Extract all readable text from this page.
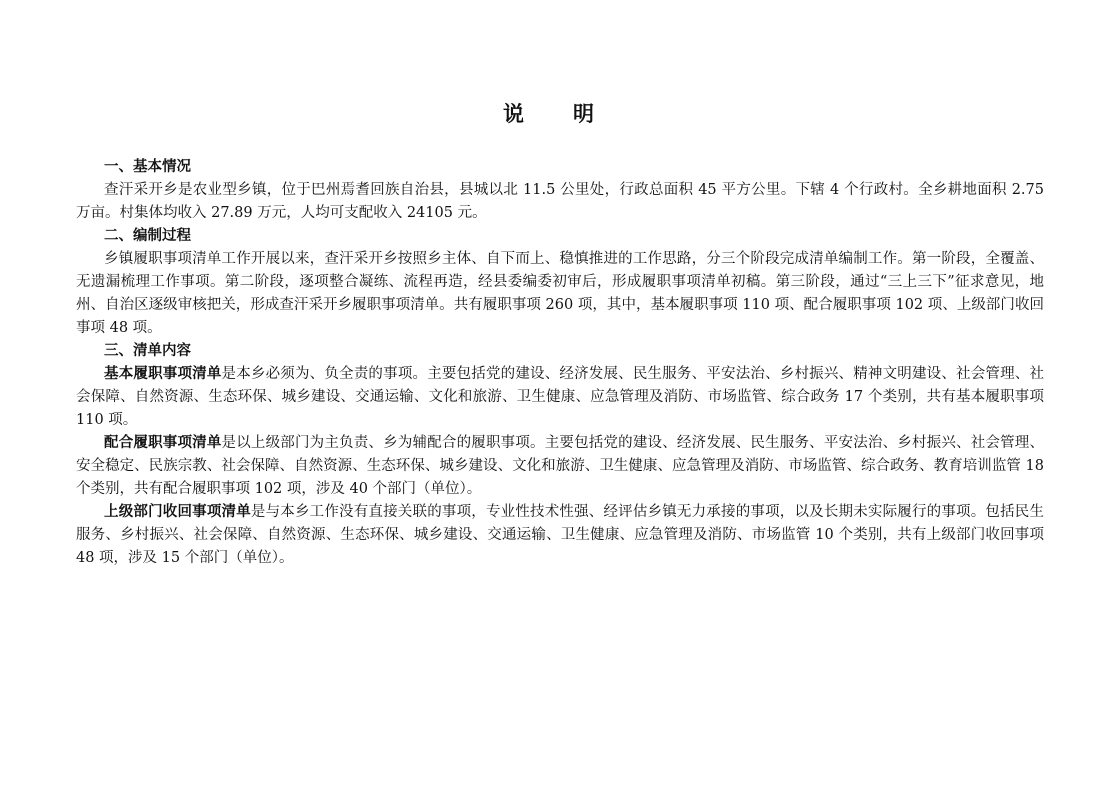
说　明

一、基本情况

查汗采开乡是农业型乡镇，位于巴州焉耆回族自治县，县城以北 11.5 公里处，行政总面积 45 平方公里。下辖 4 个行政村。全乡耕地面积 2.75 万亩。村集体均收入 27.89 万元，人均可支配收入 24105 元。

二、编制过程

乡镇履职事项清单工作开展以来，查汗采开乡按照乡主体、自下而上、稳慎推进的工作思路，分三个阶段完成清单编制工作。第一阶段，全覆盖、无遗漏梳理工作事项。第二阶段，逐项整合凝练、流程再造，经县委编委初审后，形成履职事项清单初稿。第三阶段，通过“三上三下”征求意见，地州、自治区逐级审核把关，形成查汗采开乡履职事项清单。共有履职事项 260 项，其中，基本履职事项 110 项、配合履职事项 102 项、上级部门收回事项 48 项。

三、清单内容

基本履职事项清单是本乡必须为、负全责的事项。主要包括党的建设、经济发展、民生服务、平安法治、乡村振兴、精神文明建设、社会管理、社会保障、自然资源、生态环保、城乡建设、交通运输、文化和旅游、卫生健康、应急管理及消防、市场监管、综合政务 17 个类别，共有基本履职事项 110 项。

配合履职事项清单是以上级部门为主负责、乡为辅配合的履职事项。主要包括党的建设、经济发展、民生服务、平安法治、乡村振兴、社会管理、安全稳定、民族宗教、社会保障、自然资源、生态环保、城乡建设、文化和旅游、卫生健康、应急管理及消防、市场监管、综合政务、教育培训监管 18 个类别，共有配合履职事项 102 项，涉及 40 个部门（单位）。

上级部门收回事项清单是与本乡工作没有直接关联的事项，专业性技术性强、经评估乡镇无力承接的事项，以及长期未实际履行的事项。包括民生服务、乡村振兴、社会保障、自然资源、生态环保、城乡建设、交通运输、卫生健康、应急管理及消防、市场监管 10 个类别，共有上级部门收回事项 48 项，涉及 15 个部门（单位）。
